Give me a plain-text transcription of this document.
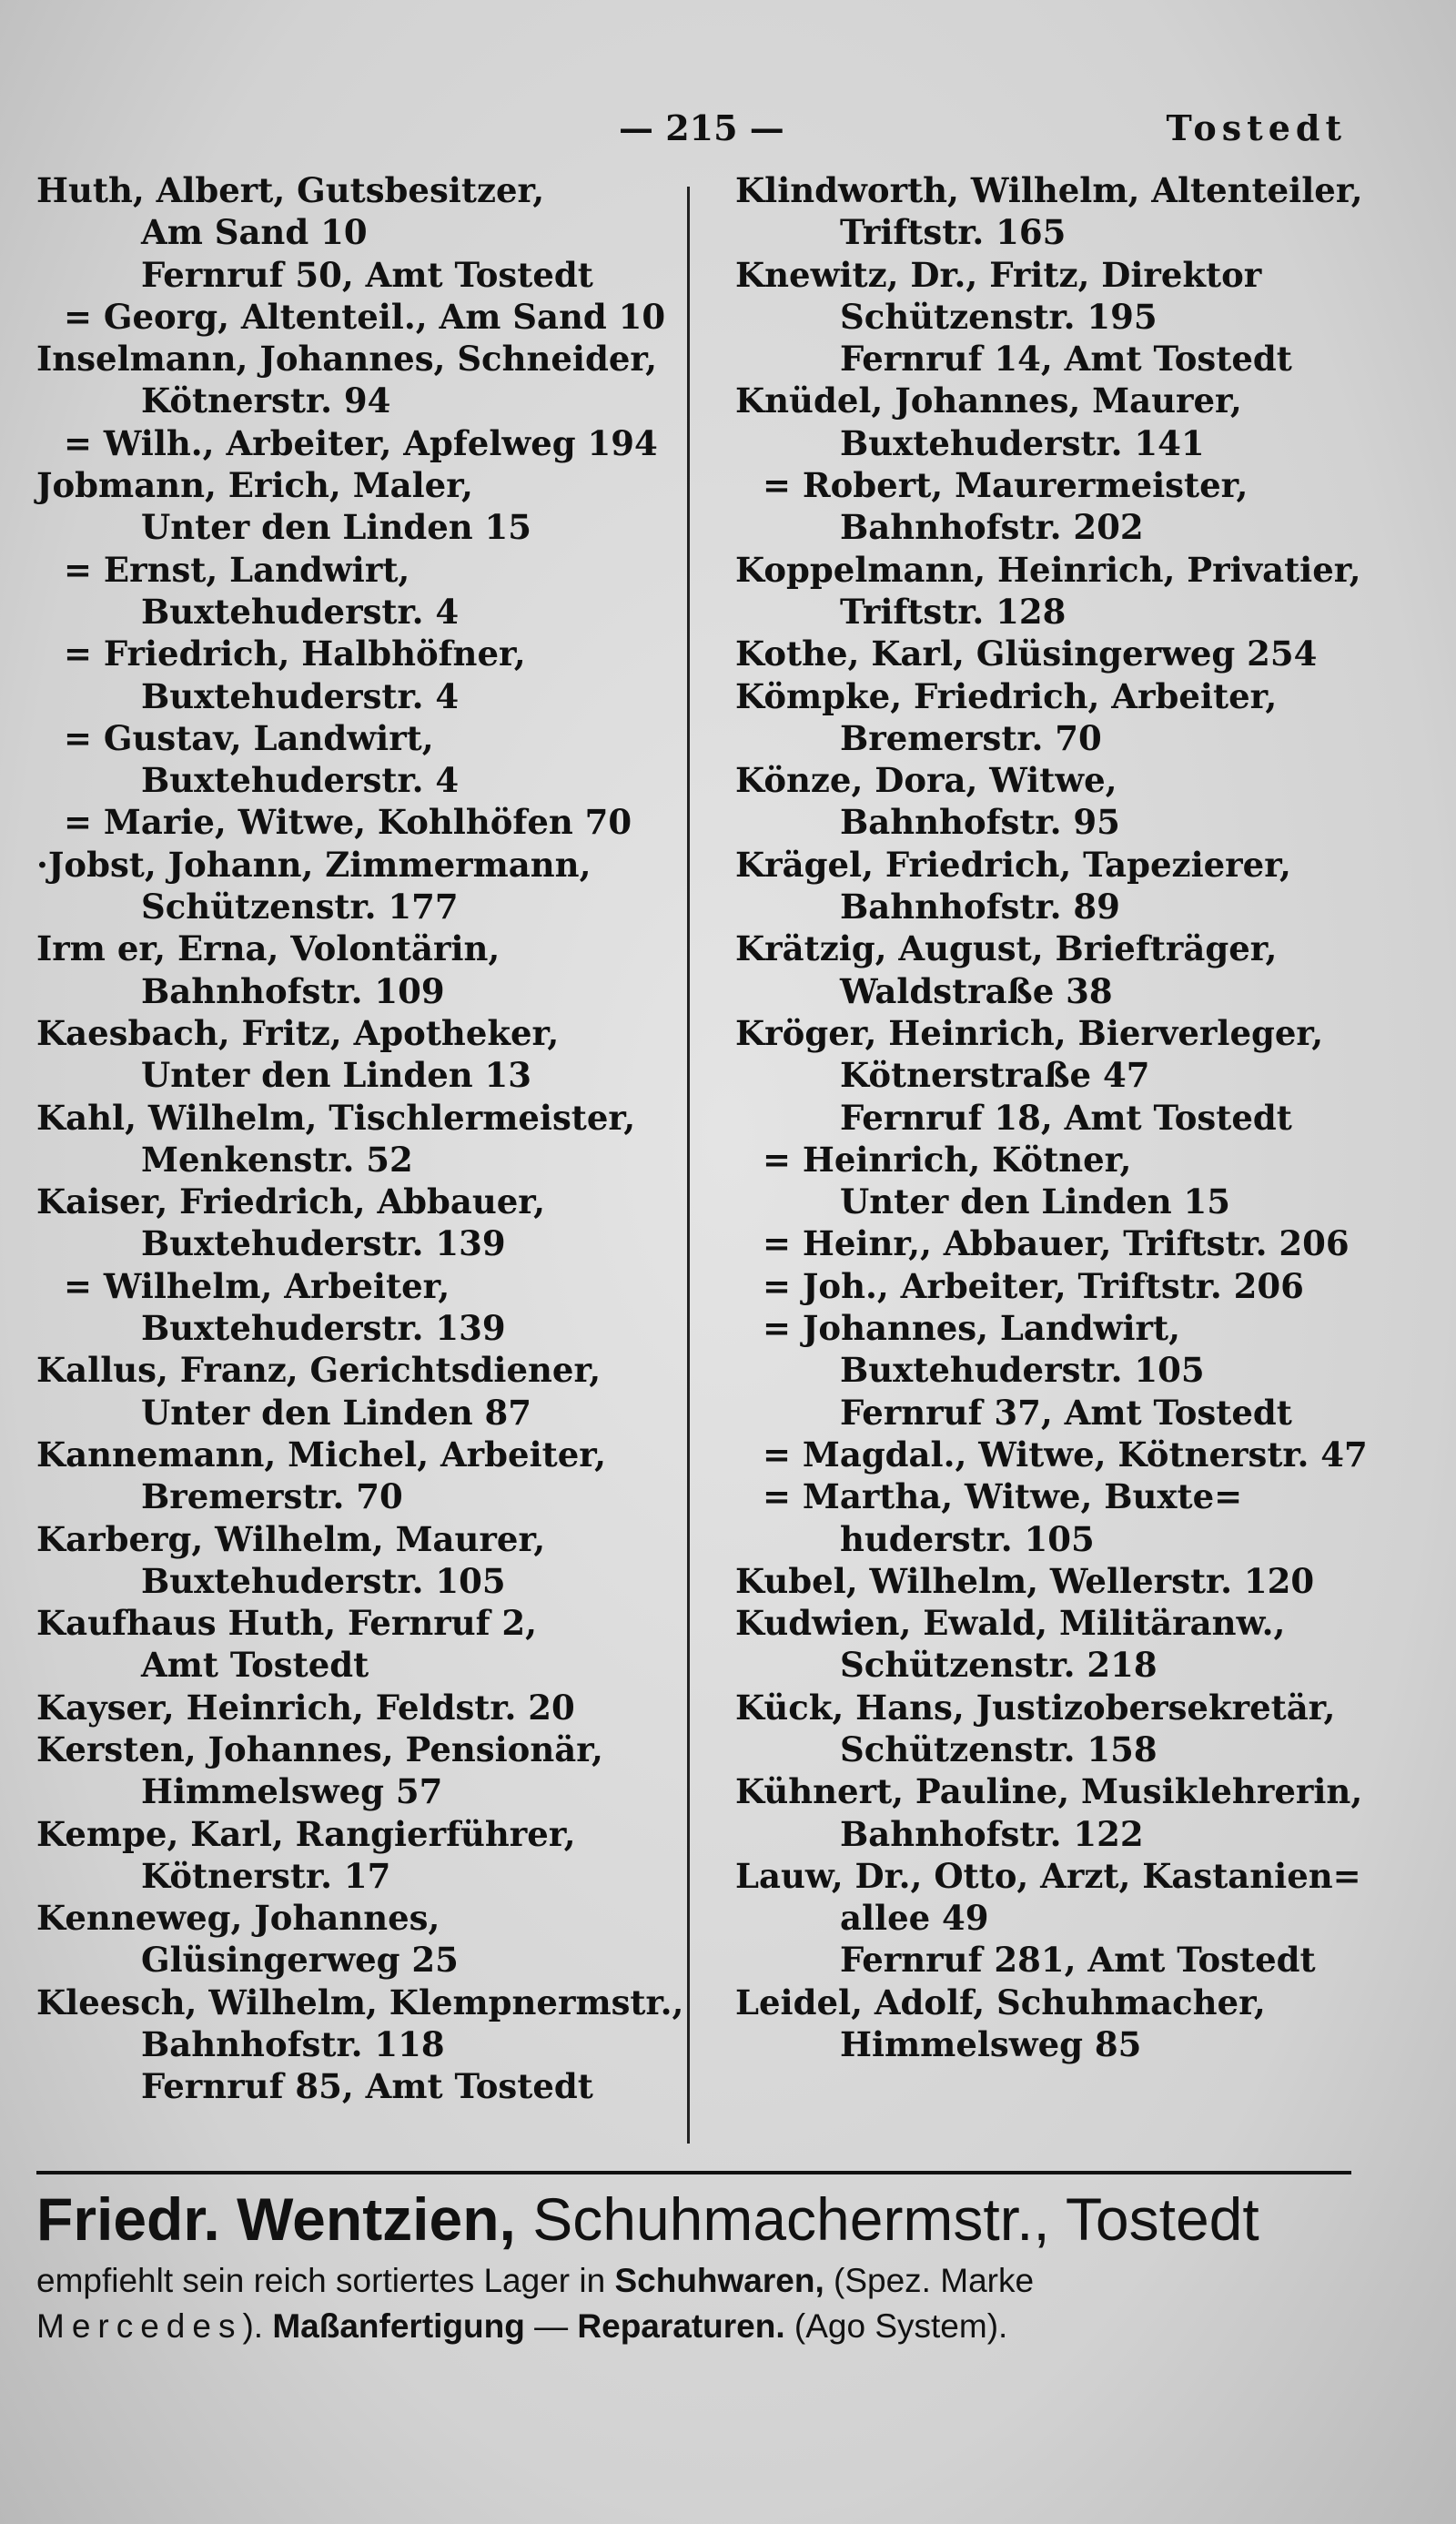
— 215 —	Tostedt
Huth, Albert, Gutsbesitzer,
Am Sand 10
Fernruf 50, Amt Tostedt
= Georg, Altenteil., Am Sand 10
Inselmann, Johannes, Schneider,
Kötnerstr. 94
= Wilh., Arbeiter, Apfelweg 194
Jobmann, Erich, Maler,
Unter den Linden 15
= Ernst, Landwirt,
Buxtehuderstr. 4
= Friedrich, Halbhöfner,
Buxtehuderstr. 4
= Gustav, Landwirt,
Buxtehuderstr. 4
= Marie, Witwe, Kohlhöfen 70
·Jobst, Johann, Zimmermann,
Schützenstr. 177
Irm er, Erna, Volontärin,
Bahnhofstr. 109
Kaesbach, Fritz, Apotheker,
Unter den Linden 13
Kahl, Wilhelm, Tischlermeister,
Menkenstr. 52
Kaiser, Friedrich, Abbauer,
Buxtehuderstr. 139
= Wilhelm, Arbeiter,
Buxtehuderstr. 139
Kallus, Franz, Gerichtsdiener,
Unter den Linden 87
Kannemann, Michel, Arbeiter,
Bremerstr. 70
Karberg, Wilhelm, Maurer,
Buxtehuderstr. 105
Kaufhaus Huth, Fernruf 2,
Amt Tostedt
Kayser, Heinrich, Feldstr. 20
Kersten, Johannes, Pensionär,
Himmelsweg 57
Kempe, Karl, Rangierführer,
Kötnerstr. 17
Kenneweg, Johannes,
Glüsingerweg 25
Kleesch, Wilhelm, Klempnermstr.,
Bahnhofstr. 118
Fernruf 85, Amt Tostedt
Klindworth, Wilhelm, Altenteiler,
Triftstr. 165
Knewitz, Dr., Fritz, Direktor
Schützenstr. 195
Fernruf 14, Amt Tostedt
Knüdel, Johannes, Maurer,
Buxtehuderstr. 141
= Robert, Maurermeister,
Bahnhofstr. 202
Koppelmann, Heinrich, Privatier,
Triftstr. 128
Kothe, Karl, Glüsingerweg 254
Kömpke, Friedrich, Arbeiter,
Bremerstr. 70
Könze, Dora, Witwe,
Bahnhofstr. 95
Krägel, Friedrich, Tapezierer,
Bahnhofstr. 89
Krätzig, August, Briefträger,
Waldstraße 38
Kröger, Heinrich, Bierverleger,
Kötnerstraße 47
Fernruf 18, Amt Tostedt
= Heinrich, Kötner,
Unter den Linden 15
= Heinr,, Abbauer, Triftstr. 206
= Joh., Arbeiter, Triftstr. 206
= Johannes, Landwirt,
Buxtehuderstr. 105
Fernruf 37, Amt Tostedt
= Magdal., Witwe, Kötnerstr. 47
= Martha, Witwe, Buxte=
huderstr. 105
Kubel, Wilhelm, Wellerstr. 120
Kudwien, Ewald, Militäranw.,
Schützenstr. 218
Kück, Hans, Justizobersekretär,
Schützenstr. 158
Kühnert, Pauline, Musiklehrerin,
Bahnhofstr. 122
Lauw, Dr., Otto, Arzt, Kastanien=
allee 49
Fernruf 281, Amt Tostedt
Leidel, Adolf, Schuhmacher,
Himmelsweg 85
Friedr. Wentzien, Schuhmachermstr., Tostedt
empfiehlt sein reich sortiertes Lager in Schuhwaren, (Spez. Marke
Mercedes). Maßanfertigung — Reparaturen. (Ago System).
